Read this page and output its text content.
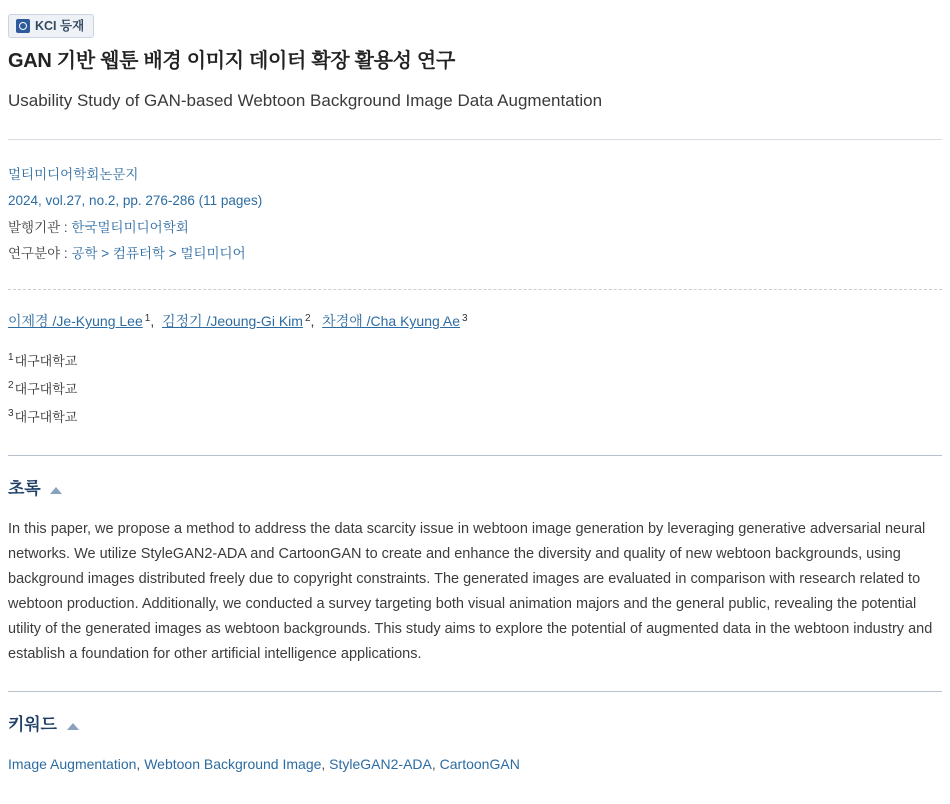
KCI 등재
GAN 기반 웹툰 배경 이미지 데이터 확장 활용성 연구
Usability Study of GAN-based Webtoon Background Image Data Augmentation
멀티미디어학회논문지
2024, vol.27, no.2, pp. 276-286 (11 pages)
발행기관 : 한국멀티미디어학회
연구분야 : 공학 > 컴퓨터학 > 멀티미디어
이제경 /Je-Kyung Lee $^1$,  김정기 /Jeoung-Gi Kim $^2$,  차경애 /Cha Kyung Ae $^3$
$^1$대구대학교
$^2$대구대학교
$^3$대구대학교
초록

In this paper, we propose a method to address the data scarcity issue in webtoon image generation by leveraging generative adversarial neural networks. We utilize StyleGAN2-ADA and CartoonGAN to create and enhance the diversity and quality of new webtoon backgrounds, using background images distributed freely due to copyright constraints. The generated images are evaluated in comparison with research related to webtoon production. Additionally, we conducted a survey targeting both visual animation majors and the general public, revealing the potential utility of the generated images as webtoon backgrounds. This study aims to explore the potential of augmented data in the webtoon industry and establish a foundation for other artificial intelligence applications.

키워드
Image Augmentation, Webtoon Background Image, StyleGAN2-ADA, CartoonGAN
